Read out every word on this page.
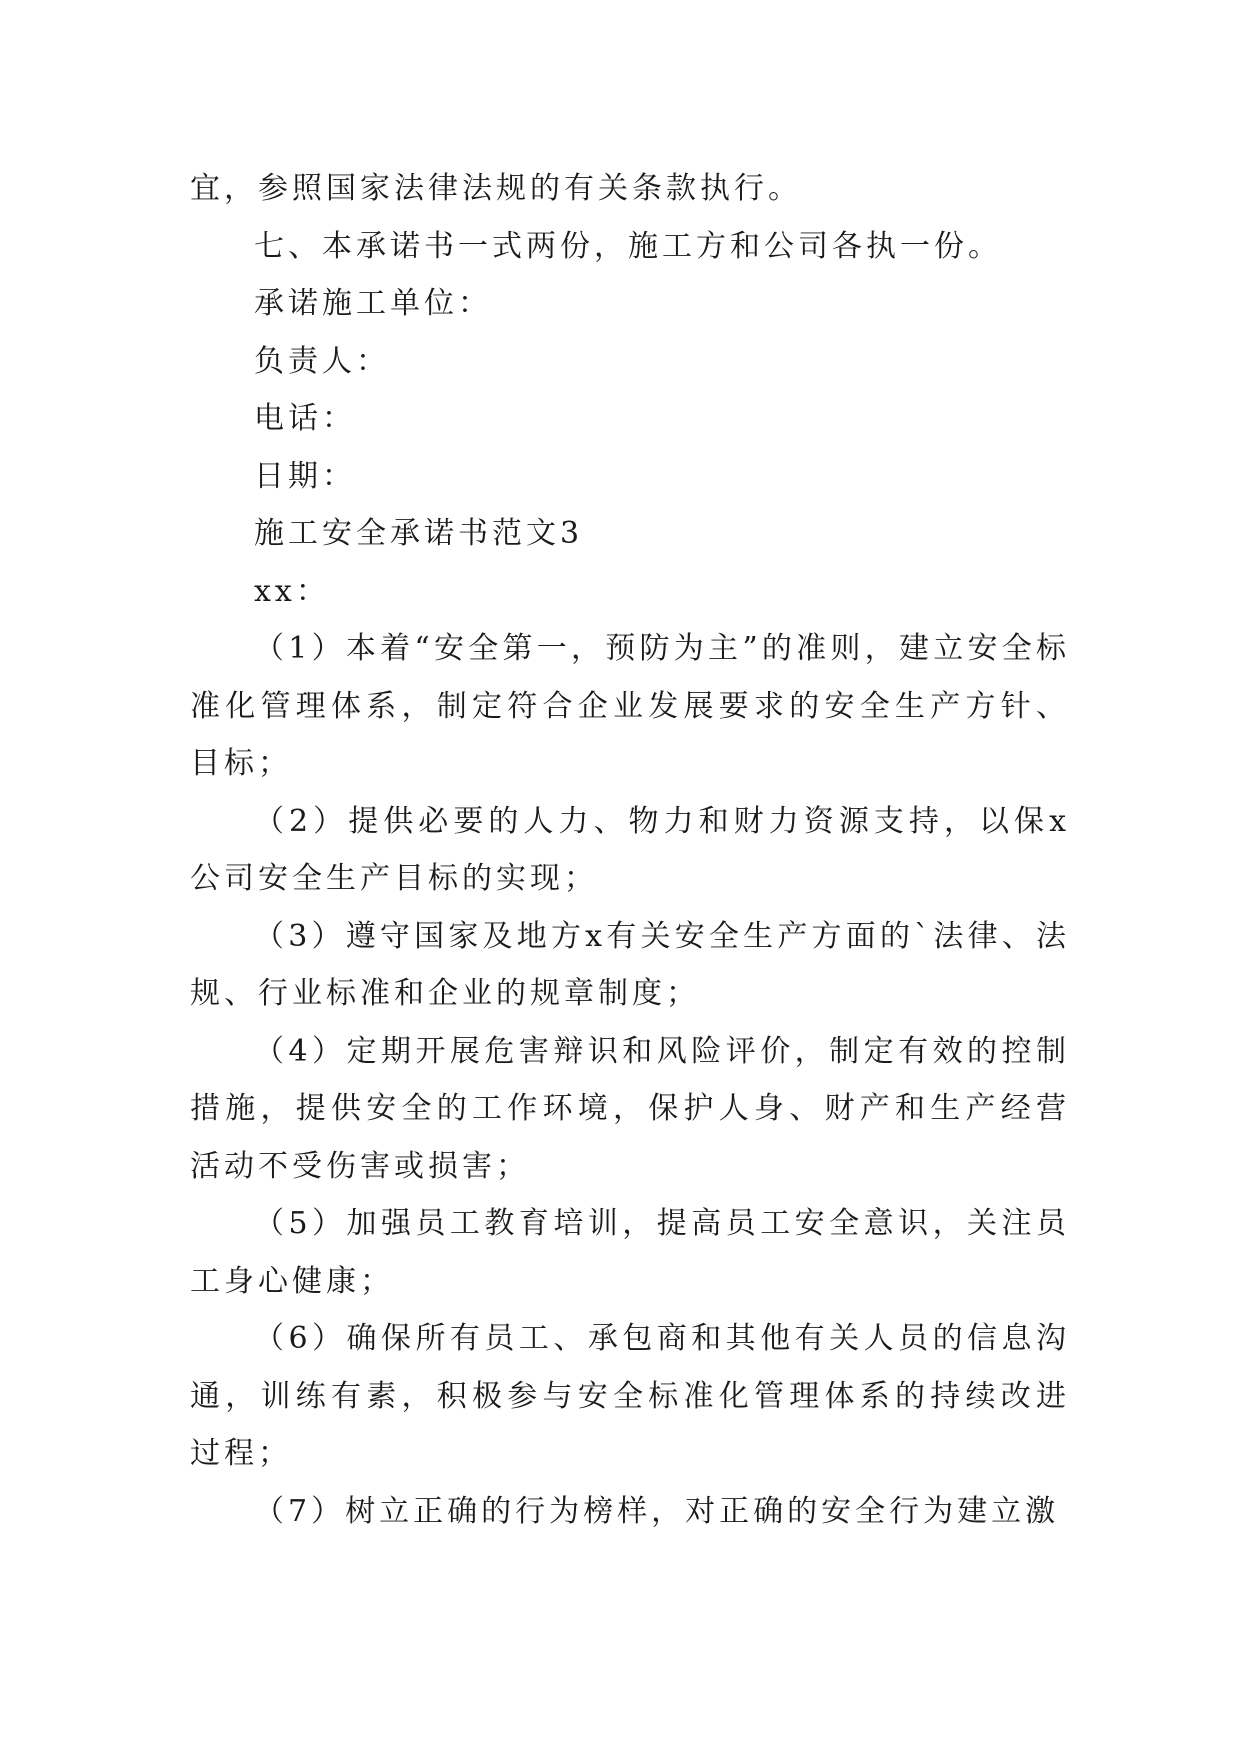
宜，参照国家法律法规的有关条款执行。

七、本承诺书一式两份，施工方和公司各执一份。

承诺施工单位：

负责人：

电话：

日期：

施工安全承诺书范文3

xx：

（1）本着“安全第一，预防为主”的准则，建立安全标准化管理体系，制定符合企业发展要求的安全生产方针、目标；

（2）提供必要的人力、物力和财力资源支持，以保x公司安全生产目标的实现；

（3）遵守国家及地方x有关安全生产方面的`法律、法规、行业标准和企业的规章制度；

（4）定期开展危害辩识和风险评价，制定有效的控制措施，提供安全的工作环境，保护人身、财产和生产经营活动不受伤害或损害；

（5）加强员工教育培训，提高员工安全意识，关注员工身心健康；

（6）确保所有员工、承包商和其他有关人员的信息沟通，训练有素，积极参与安全标准化管理体系的持续改进过程；

（7）树立正确的行为榜样，对正确的安全行为建立激
